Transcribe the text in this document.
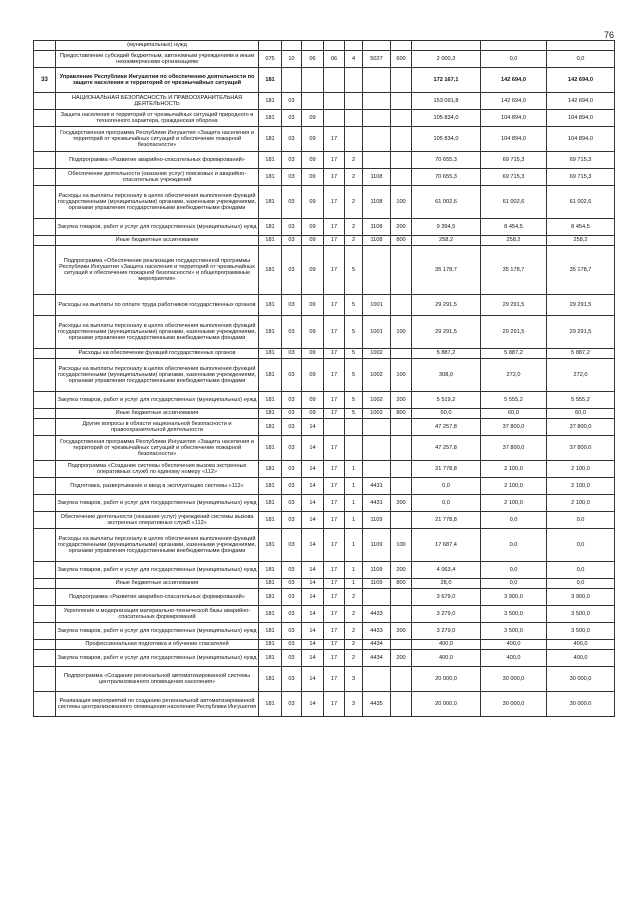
76
	(муниципальных) нужд										
	Предоставление субсидий бюджетным, автономным учреждениям и иным некоммерческим организациям	075	10	06	06	4	5027	600	2 000,3	0,0	0,0
33	Управление Республики Ингушетия по обеспечению деятельности по защите населения и территорий от чрезвычайных ситуаций	181							172 167,1	142 694,0	142 694,0
	НАЦИОНАЛЬНАЯ БЕЗОПАСНОСТЬ И ПРАВООХРАНИТЕЛЬНАЯ ДЕЯТЕЛЬНОСТЬ	181	03						153 091,8	142 694,0	142 694,0
	Защита населения и территорий от чрезвычайных ситуаций природного и техногенного характера, гражданская оборона	181	03	09					105 834,0	104 894,0	104 894,0
	Государственная программа Республики Ингушетия «Защита населения и территорий от чрезвычайных ситуаций и обеспечение пожарной безопасности»	181	03	09	17				105 834,0	104 894,0	104 894,0
	Подпрограмма «Развитие аварийно-спасательных формирований»	181	03	09	17	2			70 655,3	69 715,3	69 715,3
	Обеспечение деятельности (оказание услуг) поисковых и аварийно-спасательных учреждений	181	03	09	17	2	1108		70 655,3	69 715,3	69 715,3
	Расходы на выплаты персоналу в целях обеспечения выполнения функций государственными (муниципальными) органами, казенными учреждениями, органами управления государственными внебюджетными фондами	181	03	09	17	2	1108	100	61 002,6	61 002,6	61 002,6
	Закупка товаров, работ и услуг для государственных (муниципальных) нужд	181	03	09	17	2	1108	200	9 394,5	8 454,5	8 454,5
	Иные бюджетные ассигнования	181	03	09	17	2	1108	800	258,2	258,2	258,2
	Подпрограмма «Обеспечение реализации государственной программы Республики Ингушетия «Защита населения и территорий от чрезвычайных ситуаций и обеспечение пожарной безопасности» и общепрограммные мероприятия»	181	03	09	17	5			35 178,7	35 178,7	35 178,7
	Расходы на выплаты по оплате труда работников государственных органов	181	03	09	17	5	1001		29 291,5	29 291,5	29 291,5
	Расходы на выплаты персоналу в целях обеспечения выполнения функций государственными (муниципальными) органами, казенными учреждениями, органами управления государственными внебюджетными фондами	181	03	09	17	5	1001	100	29 291,5	29 291,5	29 291,5
	Расходы на обеспечение функций государственных органов	181	03	09	17	5	1002		5 887,2	5 887,2	5 887,2
	Расходы на выплаты персоналу в целях обеспечения выполнения функций государственными (муниципальными) органами, казенными учреждениями, органами управления государственными внебюджетными фондами	181	03	09	17	5	1002	100	308,0	272,0	272,0
	Закупка товаров, работ и услуг для государственных (муниципальных) нужд	181	03	09	17	5	1002	200	5 519,2	5 555,2	5 555,2
	Иные бюджетные ассигнования	181	03	09	17	5	1002	800	60,0	60,0	60,0
	Другие вопросы в области национальной безопасности и правоохранительной деятельности	181	03	14					47 257,8	37 800,0	37 800,0
	Государственная программа Республики Ингушетия «Защита населения и территорий от чрезвычайных ситуаций и обеспечение пожарной безопасности»	181	03	14	17				47 257,8	37 800,0	37 800,0
	Подпрограмма «Создание системы обеспечения вызова экстренных оперативных служб по единому номеру «112»	181	03	14	17	1			21 778,8	2 100,0	2 100,0
	Подготовка, развертывание и ввод в эксплуатацию системы «112»	181	03	14	17	1	4431		0,0	2 100,0	2 100,0
	Закупка товаров, работ и услуг для государственных (муниципальных) нужд	181	03	14	17	1	4431	200	0,0	2 100,0	2 100,0
	Обеспечение деятельности (оказание услуг) учреждений системы вызова экстренных оперативных служб «112»	181	03	14	17	1	1109		21 778,8	0,0	0,0
	Расходы на выплаты персоналу в целях обеспечения выполнения функций государственными (муниципальными) органами, казенными учреждениями, органами управления государственными внебюджетными фондами	181	03	14	17	1	1109	100	17 687,4	0,0	0,0
	Закупка товаров, работ и услуг для государственных (муниципальных) нужд	181	03	14	17	1	1109	200	4 063,4	0,0	0,0
	Иные бюджетные ассигнования	181	03	14	17	1	1109	800	28,0	0,0	0,0
	Подпрограмма «Развитие аварийно-спасательных формирований»	181	03	14	17	2			3 679,0	3 900,0	3 900,0
	Укрепление и модернизация материально-технической базы аварийно-спасательных формирований	181	03	14	17	2	4433		3 279,0	3 500,0	3 500,0
	Закупка товаров, работ и услуг для государственных (муниципальных) нужд	181	03	14	17	2	4433	200	3 279,0	3 500,0	3 500,0
	Профессиональная подготовка и обучение спасателей	181	03	14	17	2	4434		400,0	400,0	400,0
	Закупка товаров, работ и услуг для государственных (муниципальных) нужд	181	03	14	17	2	4434	200	400,0	400,0	400,0
	Подпрограмма «Создание региональной автоматизированной системы централизованного оповещения населения»	181	03	14	17	3			20 000,0	30 000,0	30 000,0
	Реализация мероприятий по созданию региональной автоматизированной системы централизованного оповещения населения Республики Ингушетия	181	03	14	17	3	4435		20 000,0	30 000,0	30 000,0
